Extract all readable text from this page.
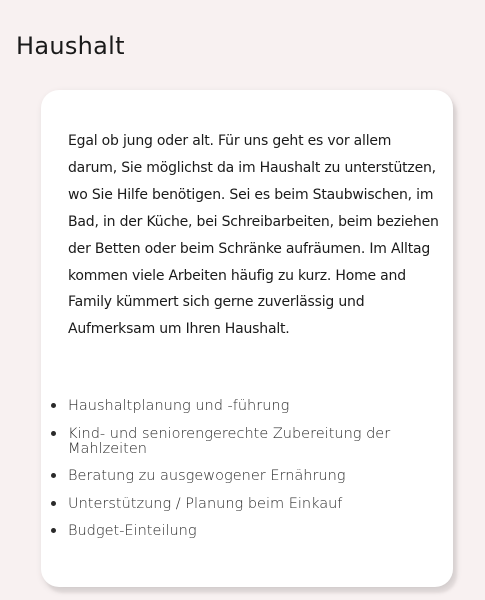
Haushalt

Egal ob jung oder alt. Für uns geht es vor allem darum, Sie möglichst da im Haushalt zu unterstützen, wo Sie Hilfe benötigen. Sei es beim Staubwischen, im Bad, in der Küche, bei Schreibarbeiten, beim beziehen der Betten oder beim Schränke aufräumen. Im Alltag kommen viele Arbeiten häufig zu kurz. Home and Family kümmert sich gerne zuverlässig und Aufmerksam um Ihren Haushalt.

Haushaltplanung und -führung
Kind- und seniorengerechte Zubereitung der Mahlzeiten
Beratung zu ausgewogener Ernährung
Unterstützung / Planung beim Einkauf
Budget-Einteilung
